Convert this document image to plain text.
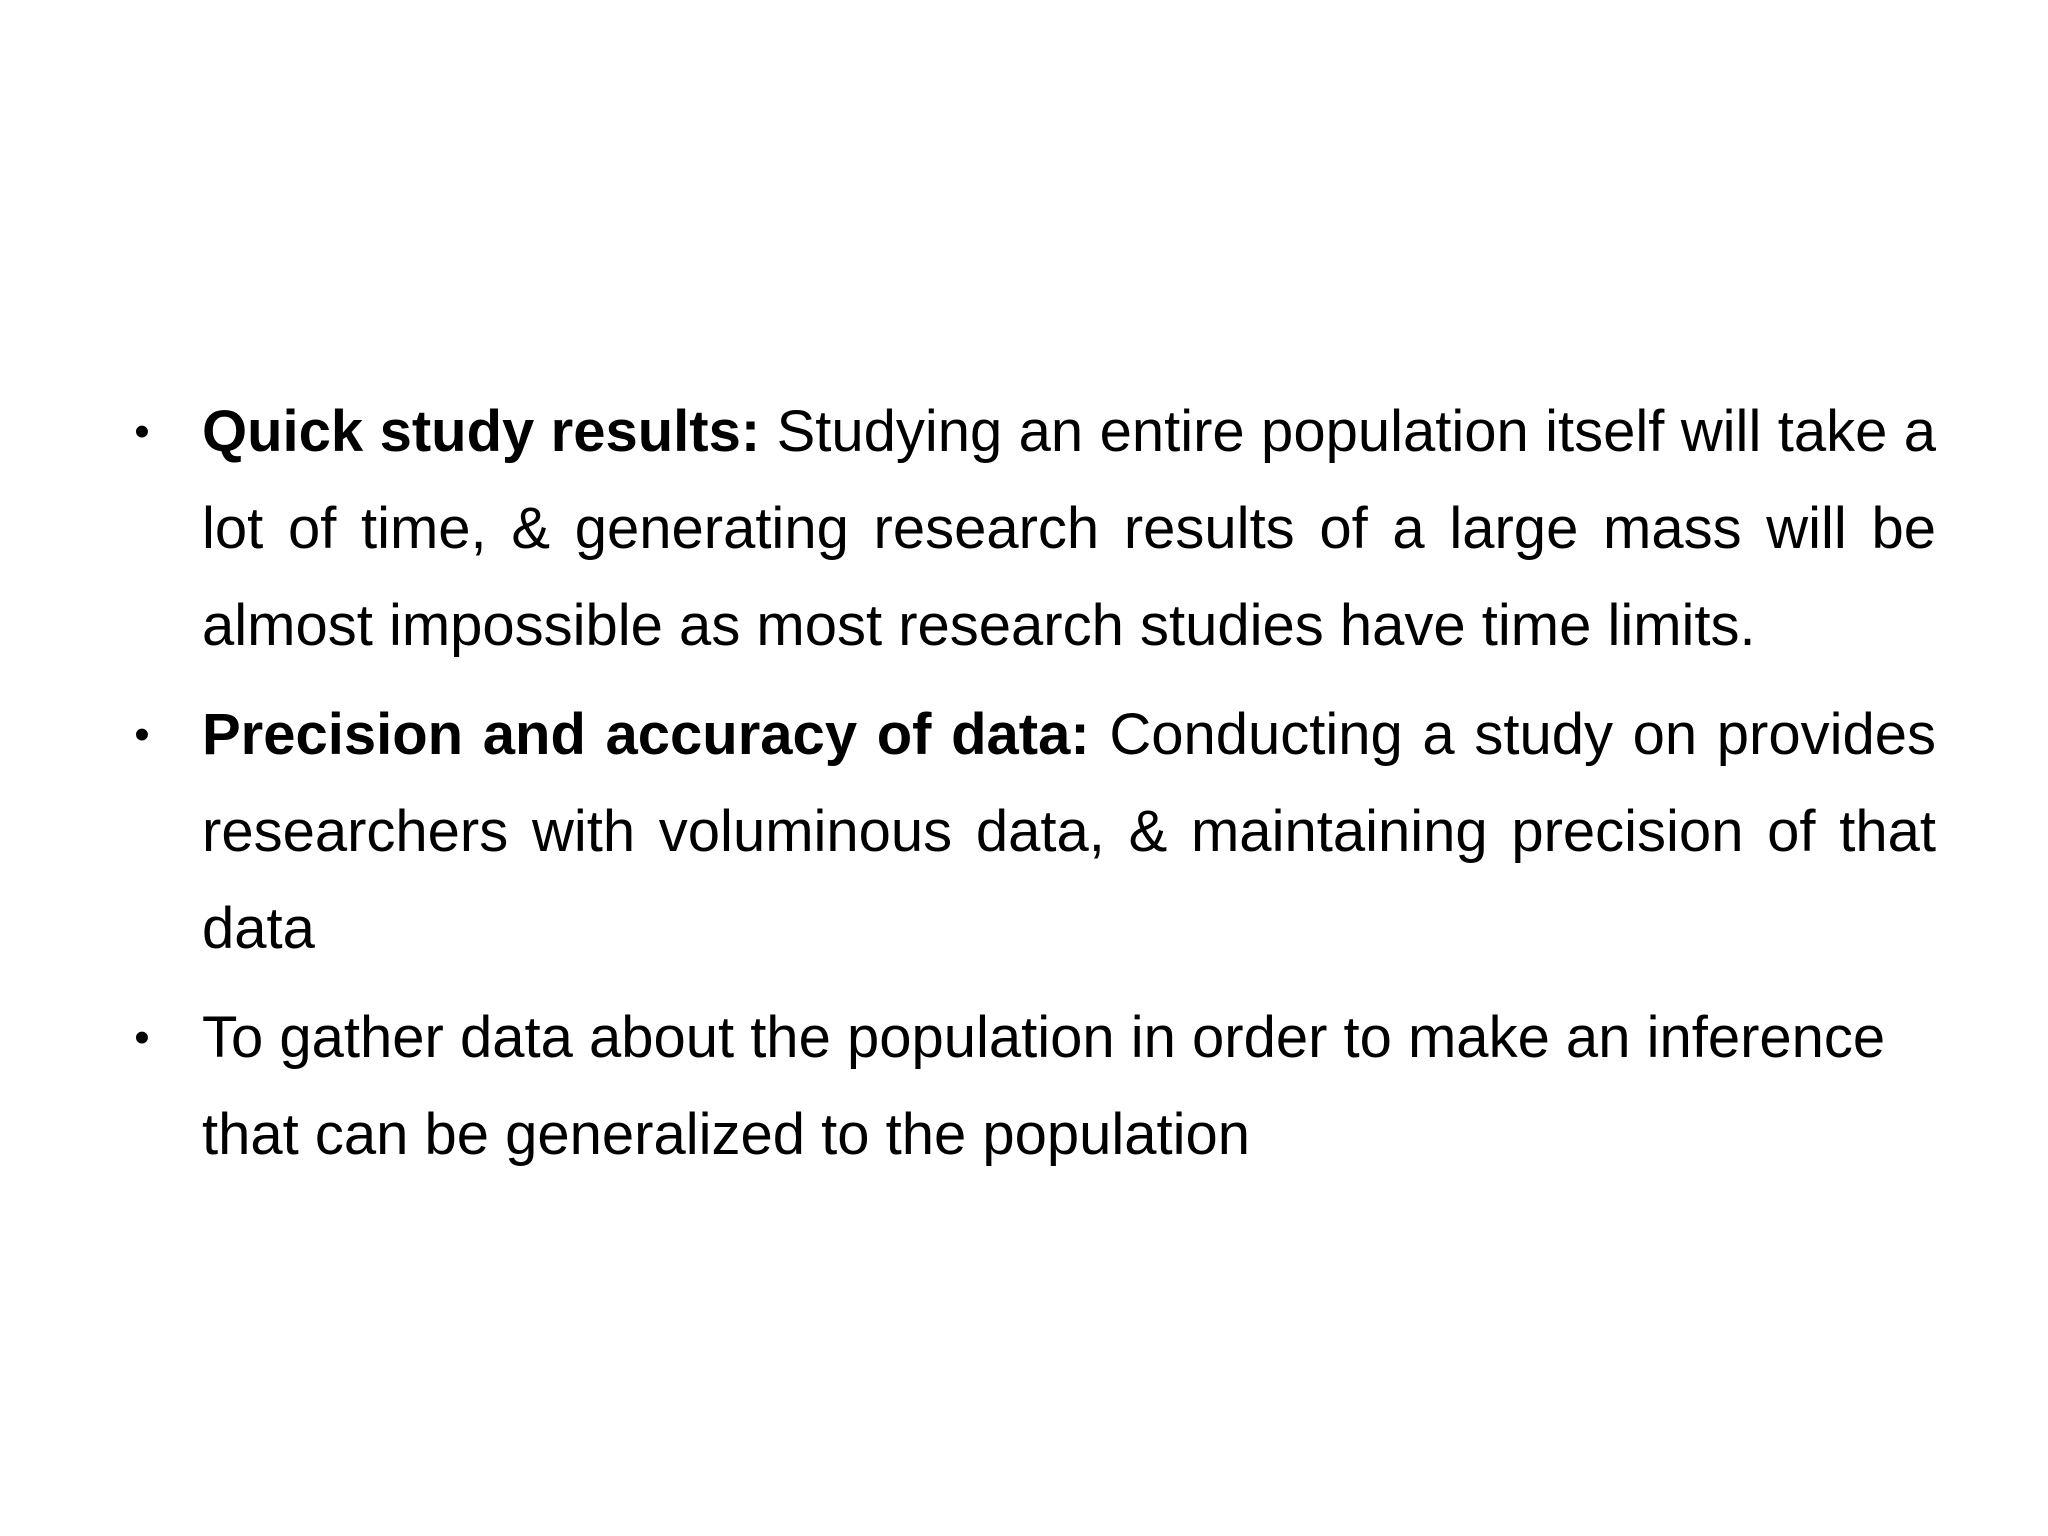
• Quick study results: Studying an entire population itself will take a lot of time, & generating research results of a large mass will be almost impossible as most research studies have time limits.
• Precision and accuracy of data: Conducting a study on provides researchers with voluminous data, & maintaining precision of that data
• To gather data about the population in order to make an inference that can be generalized to the population
